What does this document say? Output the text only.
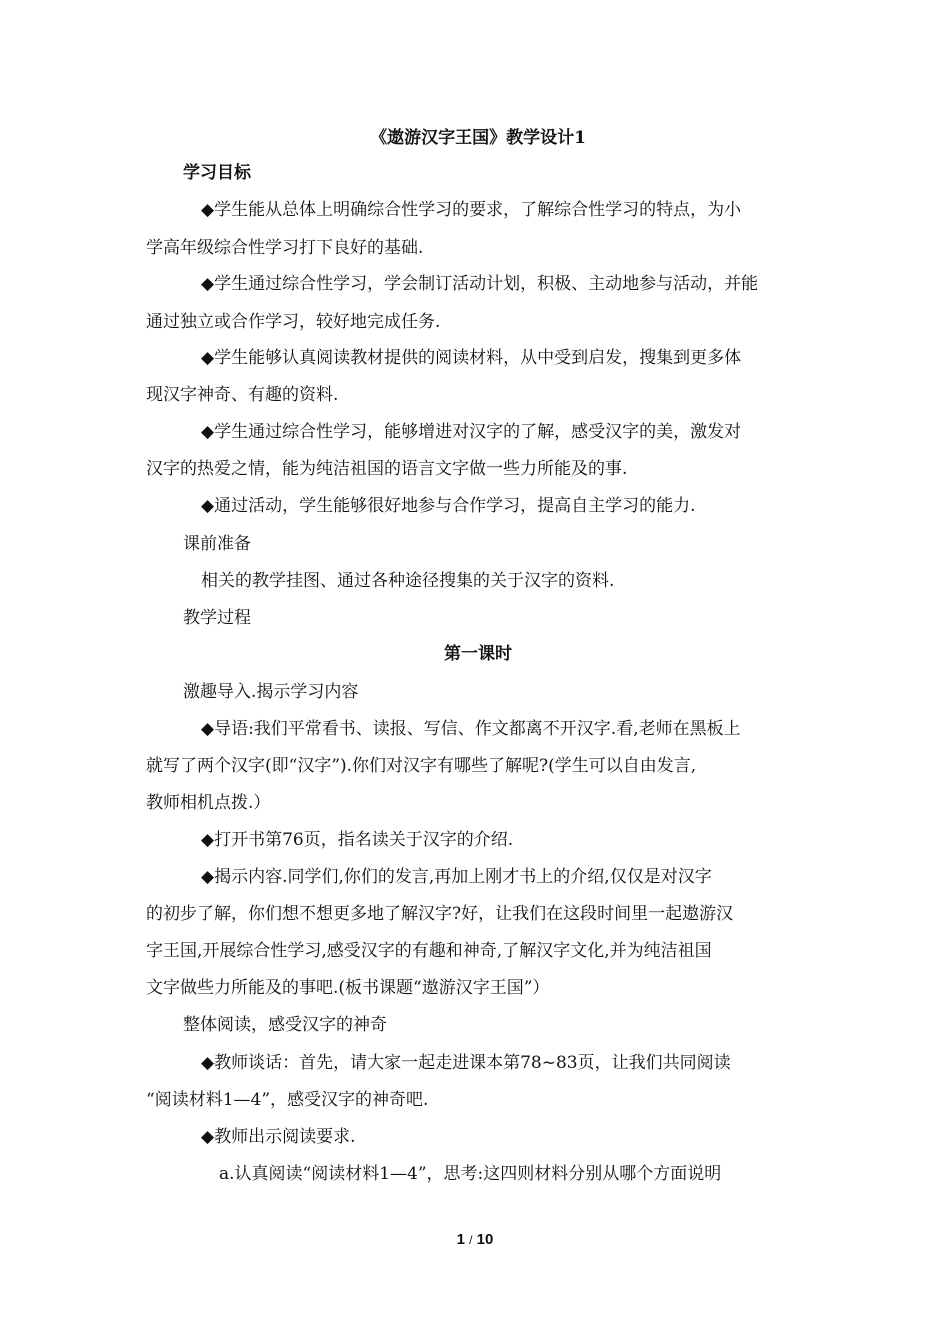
《遨游汉字王国》教学设计1
学习目标
◆学生能从总体上明确综合性学习的要求，了解综合性学习的特点，为小
学高年级综合性学习打下良好的基础.
◆学生通过综合性学习，学会制订活动计划，积极、主动地参与活动，并能
通过独立或合作学习，较好地完成任务.
◆学生能够认真阅读教材提供的阅读材料，从中受到启发，搜集到更多体
现汉字神奇、有趣的资料.
◆学生通过综合性学习，能够增进对汉字的了解，感受汉字的美，激发对
汉字的热爱之情，能为纯洁祖国的语言文字做一些力所能及的事.
◆通过活动，学生能够很好地参与合作学习，提高自主学习的能力.
课前准备
相关的教学挂图、通过各种途径搜集的关于汉字的资料.
教学过程
第一课时
激趣导入.揭示学习内容
◆导语:我们平常看书、读报、写信、作文都离不开汉字.看,老师在黑板上
就写了两个汉字(即“汉字”).你们对汉字有哪些了解呢?(学生可以自由发言,
教师相机点拨.）
◆打开书第76页，指名读关于汉字的介绍.
◆揭示内容.同学们,你们的发言,再加上刚才书上的介绍,仅仅是对汉字
的初步了解，你们想不想更多地了解汉字?好，让我们在这段时间里一起遨游汉
字王国,开展综合性学习,感受汉字的有趣和神奇,了解汉字文化,并为纯洁祖国
文字做些力所能及的事吧.(板书课题“遨游汉字王国”）
整体阅读，感受汉字的神奇
◆教师谈话：首先，请大家一起走进课本第78~83页，让我们共同阅读
“阅读材料1—4”，感受汉字的神奇吧.
◆教师出示阅读要求.
a.认真阅读“阅读材料1—4”，思考:这四则材料分别从哪个方面说明
1 / 10
